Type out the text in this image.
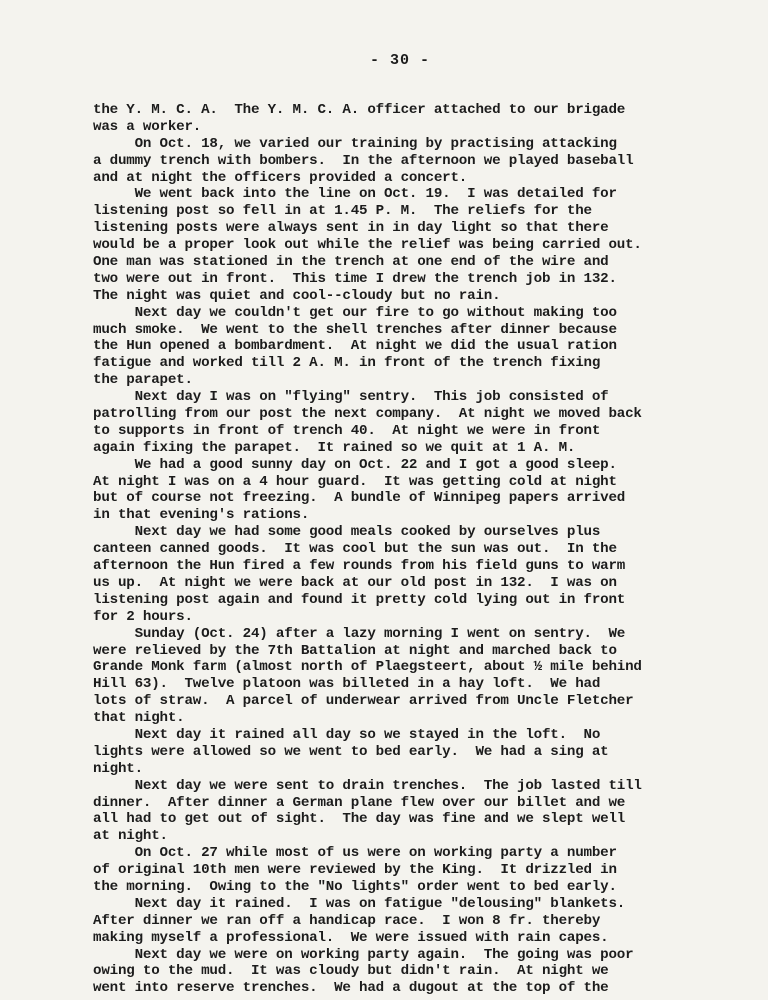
- 30 -
the Y. M. C. A.  The Y. M. C. A. officer attached to our brigade
was a worker.
On Oct. 18, we varied our training by practising attacking
a dummy trench with bombers.  In the afternoon we played baseball
and at night the officers provided a concert.
We went back into the line on Oct. 19.  I was detailed for
listening post so fell in at 1.45 P. M.  The reliefs for the
listening posts were always sent in in day light so that there
would be a proper look out while the relief was being carried out.
One man was stationed in the trench at one end of the wire and
two were out in front.  This time I drew the trench job in 132.
The night was quiet and cool--cloudy but no rain.
Next day we couldn't get our fire to go without making too
much smoke.  We went to the shell trenches after dinner because
the Hun opened a bombardment.  At night we did the usual ration
fatigue and worked till 2 A. M. in front of the trench fixing
the parapet.
Next day I was on "flying" sentry.  This job consisted of
patrolling from our post the next company.  At night we moved back
to supports in front of trench 40.  At night we were in front
again fixing the parapet.  It rained so we quit at 1 A. M.
We had a good sunny day on Oct. 22 and I got a good sleep.
At night I was on a 4 hour guard.  It was getting cold at night
but of course not freezing.  A bundle of Winnipeg papers arrived
in that evening's rations.
Next day we had some good meals cooked by ourselves plus
canteen canned goods.  It was cool but the sun was out.  In the
afternoon the Hun fired a few rounds from his field guns to warm
us up.  At night we were back at our old post in 132.  I was on
listening post again and found it pretty cold lying out in front
for 2 hours.
Sunday (Oct. 24) after a lazy morning I went on sentry.  We
were relieved by the 7th Battalion at night and marched back to
Grande Monk farm (almost north of Plaegsteert, about ½ mile behind
Hill 63).  Twelve platoon was billeted in a hay loft.  We had
lots of straw.  A parcel of underwear arrived from Uncle Fletcher
that night.
Next day it rained all day so we stayed in the loft.  No
lights were allowed so we went to bed early.  We had a sing at
night.
Next day we were sent to drain trenches.  The job lasted till
dinner.  After dinner a German plane flew over our billet and we
all had to get out of sight.  The day was fine and we slept well
at night.
On Oct. 27 while most of us were on working party a number
of original 10th men were reviewed by the King.  It drizzled in
the morning.  Owing to the "No lights" order went to bed early.
Next day it rained.  I was on fatigue "delousing" blankets.
After dinner we ran off a handicap race.  I won 8 fr. thereby
making myself a professional.  We were issued with rain capes.
Next day we were on working party again.  The going was poor
owing to the mud.  It was cloudy but didn't rain.  At night we
went into reserve trenches.  We had a dugout at the top of the
